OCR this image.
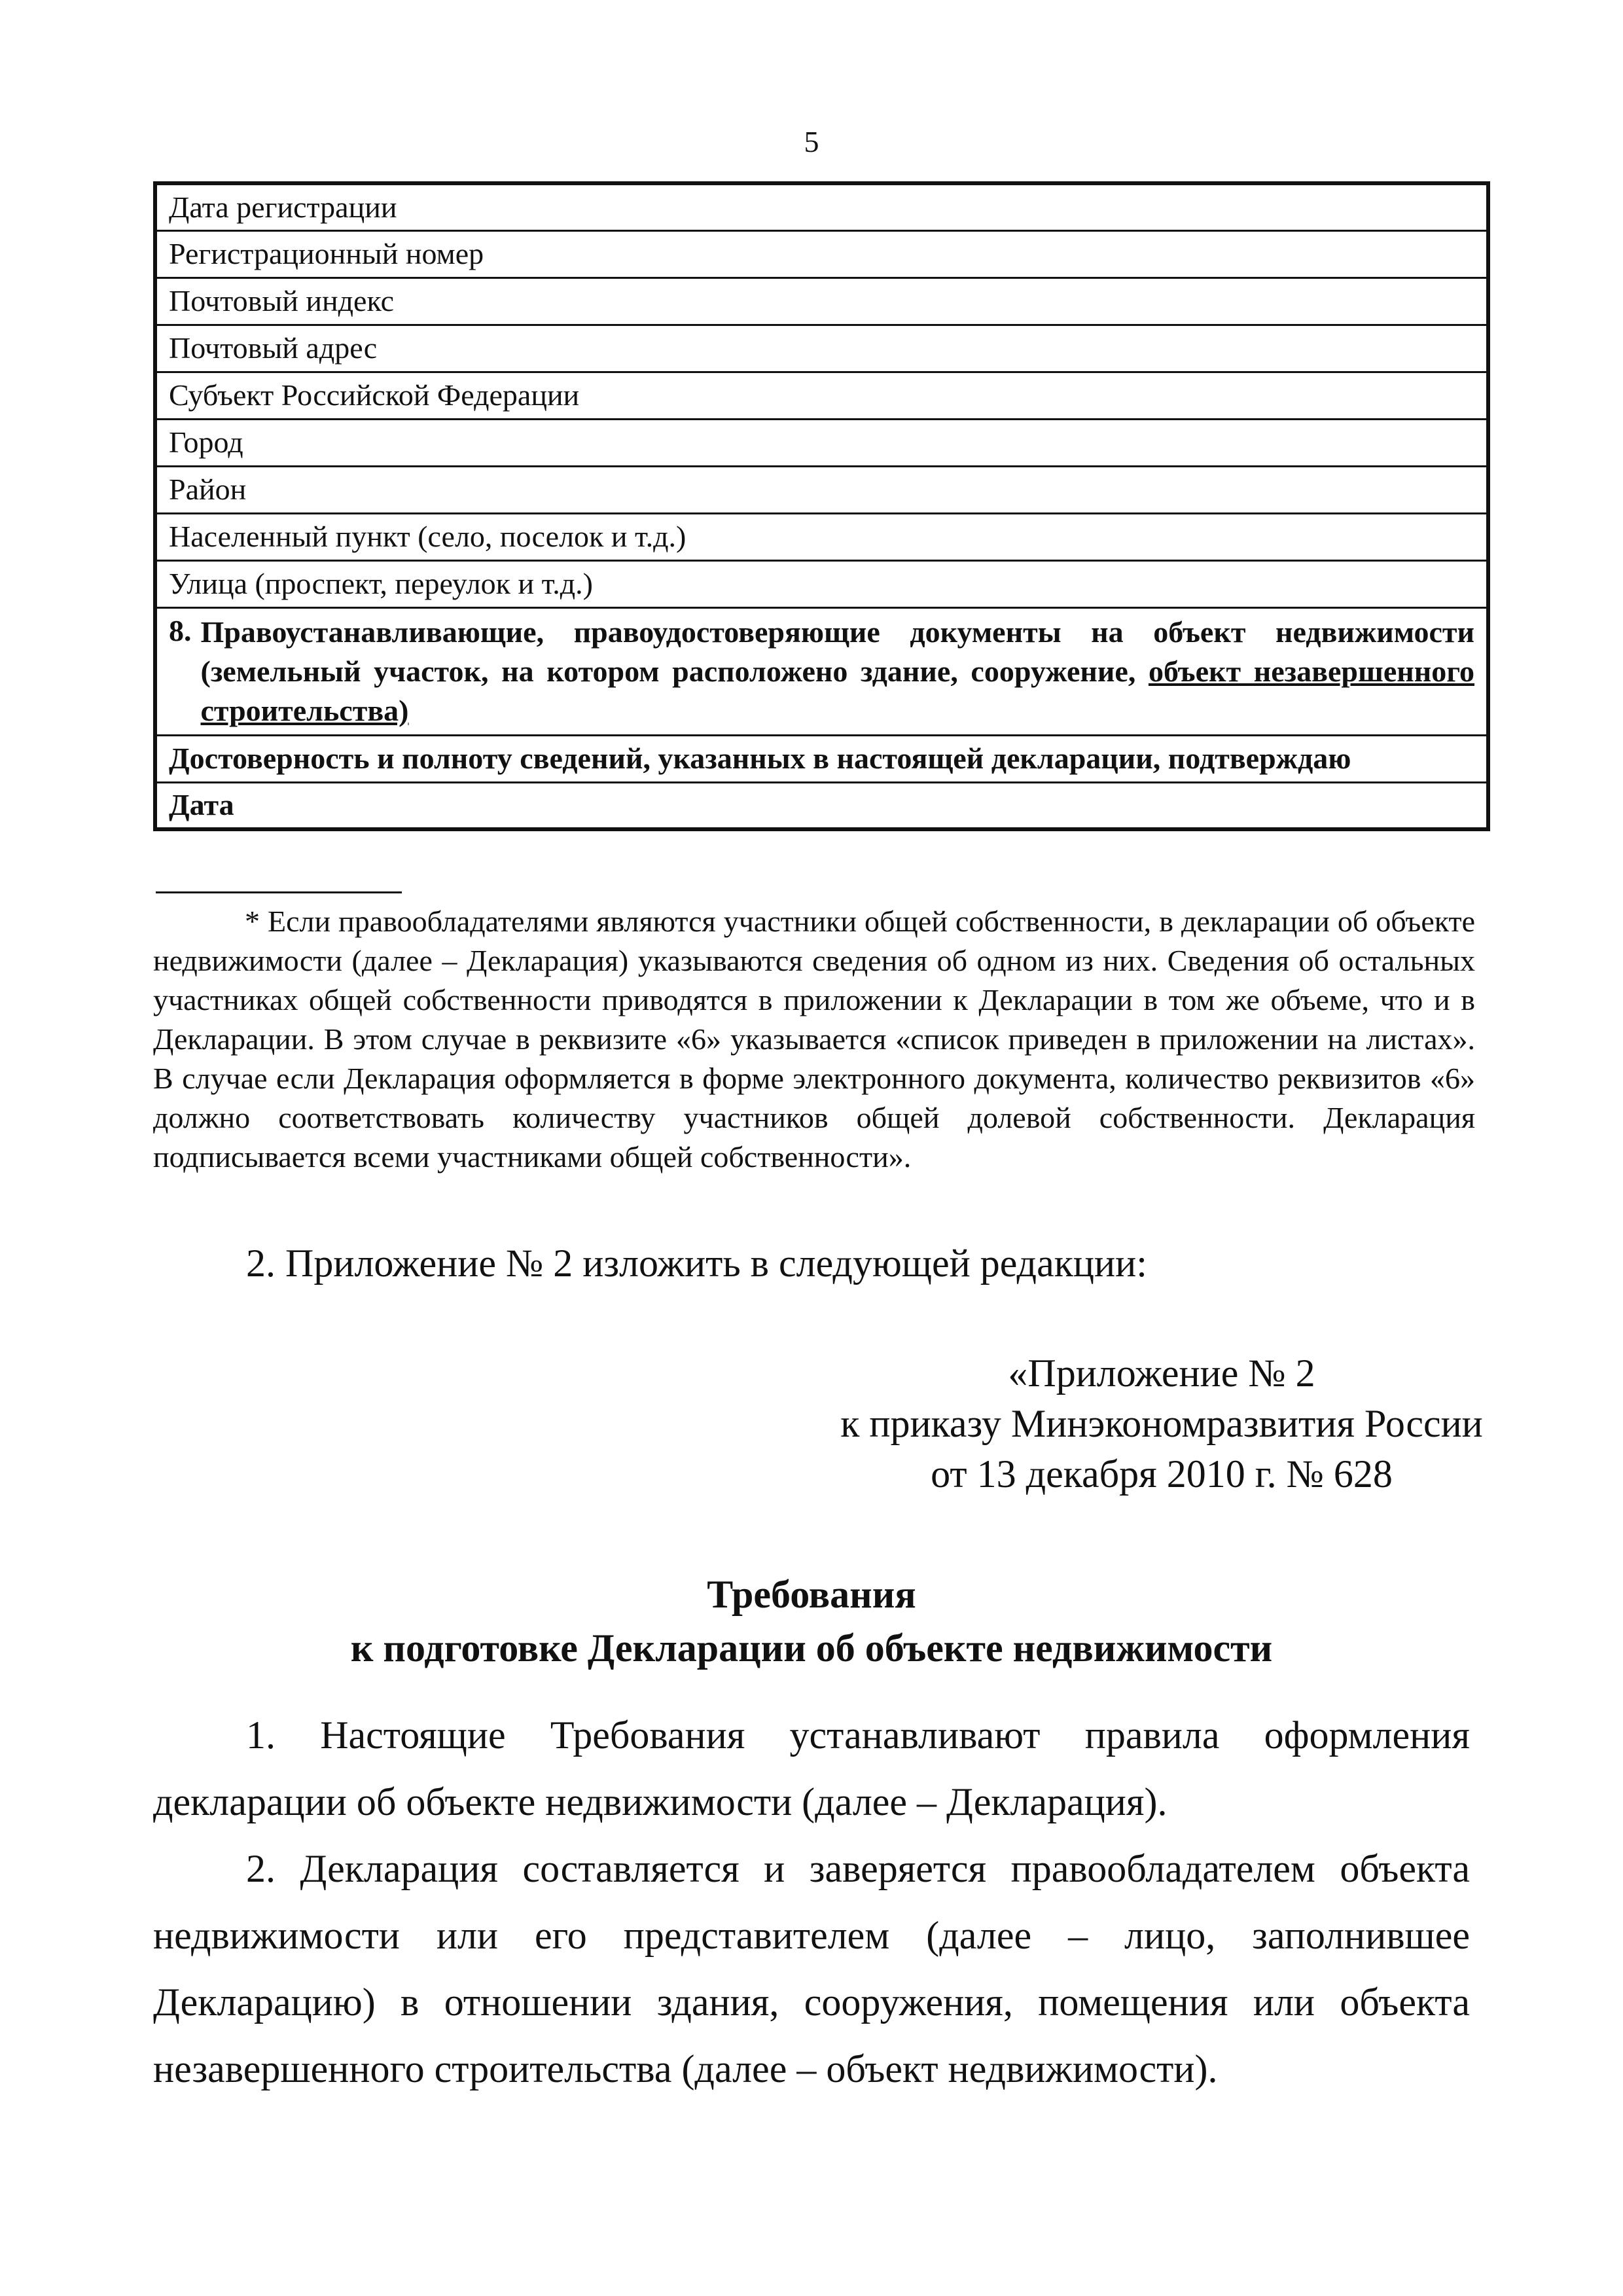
5
Дата регистрации
Регистрационный номер
Почтовый индекс
Почтовый адрес
Субъект Российской Федерации
Город
Район
Населенный пункт (село, поселок и т.д.)
Улица (проспект, переулок и т.д.)

8. Правоустанавливающие, правоудостоверяющие документы на объект недвижимости (земельный участок, на котором расположено здание, сооружение, объект незавершенного строительства)

Достоверность и полноту сведений, указанных в настоящей декларации, подтверждаю
Дата

* Если правообладателями являются участники общей собственности, в декларации об объекте недвижимости (далее – Декларация) указываются сведения об одном из них. Сведения об остальных участниках общей собственности приводятся в приложении к Декларации в том же объеме, что и в Декларации. В этом случае в реквизите «6» указывается «список приведен в приложении на листах». В случае если Декларация оформляется в форме электронного документа, количество реквизитов «6» должно соответствовать количеству участников общей долевой собственности. Декларация подписывается всеми участниками общей собственности».

2. Приложение № 2 изложить в следующей редакции:

«Приложение № 2
к приказу Минэкономразвития России
от 13 декабря 2010 г. № 628
Требования
к подготовке Декларации об объекте недвижимости

1. Настоящие Требования устанавливают правила оформления декларации об объекте недвижимости (далее – Декларация).

2. Декларация составляется и заверяется правообладателем объекта недвижимости или его представителем (далее – лицо, заполнившее Декларацию) в отношении здания, сооружения, помещения или объекта незавершенного строительства (далее – объект недвижимости).
